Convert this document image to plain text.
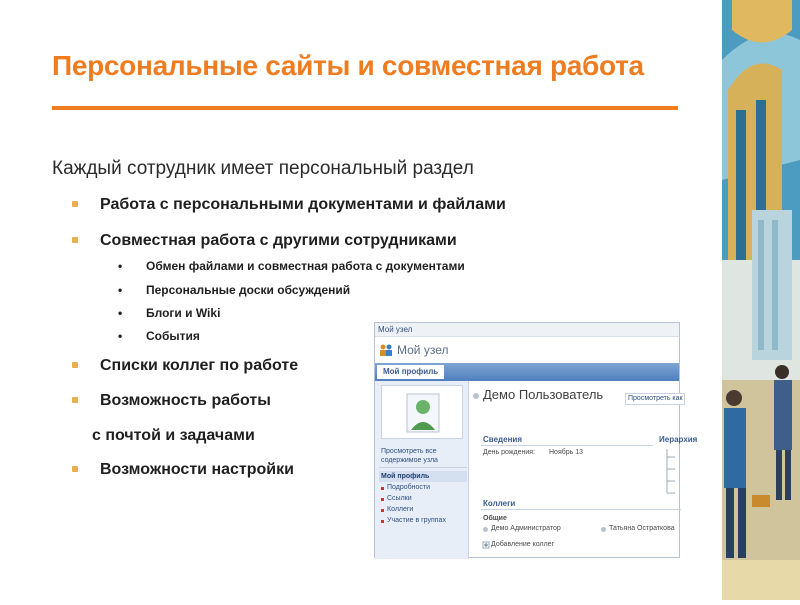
Персональные сайты и совместная работа
Каждый сотрудник имеет персональный раздел
Работа с персональными документами и файлами
Совместная работа с другими сотрудниками
• Обмен файлами и совместная работа с документами
• Персональные доски обсуждений
• Блоги и Wiki
• События
Списки коллег по работе
Возможность работы
с почтой и задачами
Возможности настройки
Мой узел
Мой узел
Мой профиль
Просмотреть все содержимое узла
Мой профиль
Подробности
Ссылки
Коллеги
Участие в группах
Демо Пользователь	Просмотреть как
Сведения
День рождения: Ноябрь 13
Иерархия
Коллеги
Общие
Демо Администратор	Татьяна Остраткова
Добавление коллег
